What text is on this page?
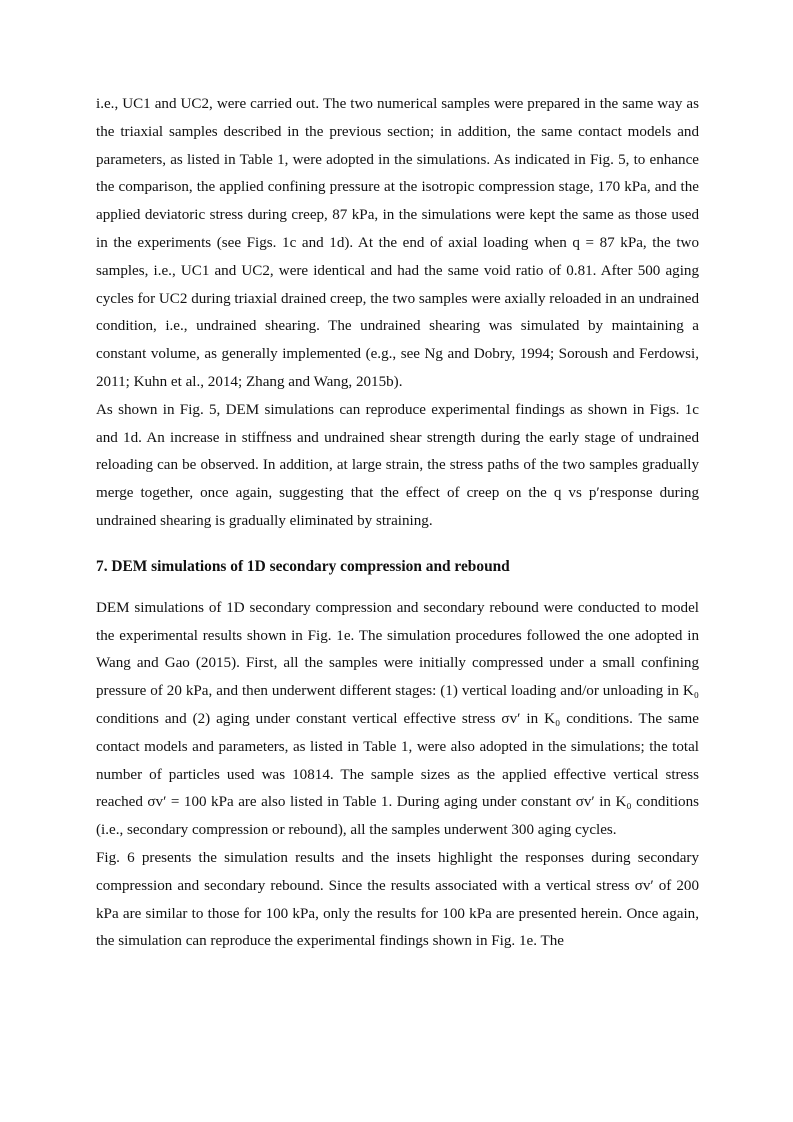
i.e., UC1 and UC2, were carried out. The two numerical samples were prepared in the same way as the triaxial samples described in the previous section; in addition, the same contact models and parameters, as listed in Table 1, were adopted in the simulations. As indicated in Fig. 5, to enhance the comparison, the applied confining pressure at the isotropic compression stage, 170 kPa, and the applied deviatoric stress during creep, 87 kPa, in the simulations were kept the same as those used in the experiments (see Figs. 1c and 1d). At the end of axial loading when q = 87 kPa, the two samples, i.e., UC1 and UC2, were identical and had the same void ratio of 0.81. After 500 aging cycles for UC2 during triaxial drained creep, the two samples were axially reloaded in an undrained condition, i.e., undrained shearing. The undrained shearing was simulated by maintaining a constant volume, as generally implemented (e.g., see Ng and Dobry, 1994; Soroush and Ferdowsi, 2011; Kuhn et al., 2014; Zhang and Wang, 2015b).

As shown in Fig. 5, DEM simulations can reproduce experimental findings as shown in Figs. 1c and 1d. An increase in stiffness and undrained shear strength during the early stage of undrained reloading can be observed. In addition, at large strain, the stress paths of the two samples gradually merge together, once again, suggesting that the effect of creep on the q vs p′response during undrained shearing is gradually eliminated by straining.

7. DEM simulations of 1D secondary compression and rebound

DEM simulations of 1D secondary compression and secondary rebound were conducted to model the experimental results shown in Fig. 1e. The simulation procedures followed the one adopted in Wang and Gao (2015). First, all the samples were initially compressed under a small confining pressure of 20 kPa, and then underwent different stages: (1) vertical loading and/or unloading in K₀ conditions and (2) aging under constant vertical effective stress σv′ in K₀ conditions. The same contact models and parameters, as listed in Table 1, were also adopted in the simulations; the total number of particles used was 10814. The sample sizes as the applied effective vertical stress reached σv′ = 100 kPa are also listed in Table 1. During aging under constant σv′ in K₀ conditions (i.e., secondary compression or rebound), all the samples underwent 300 aging cycles.

Fig. 6 presents the simulation results and the insets highlight the responses during secondary compression and secondary rebound. Since the results associated with a vertical stress σv′ of 200 kPa are similar to those for 100 kPa, only the results for 100 kPa are presented herein. Once again, the simulation can reproduce the experimental findings shown in Fig. 1e. The
